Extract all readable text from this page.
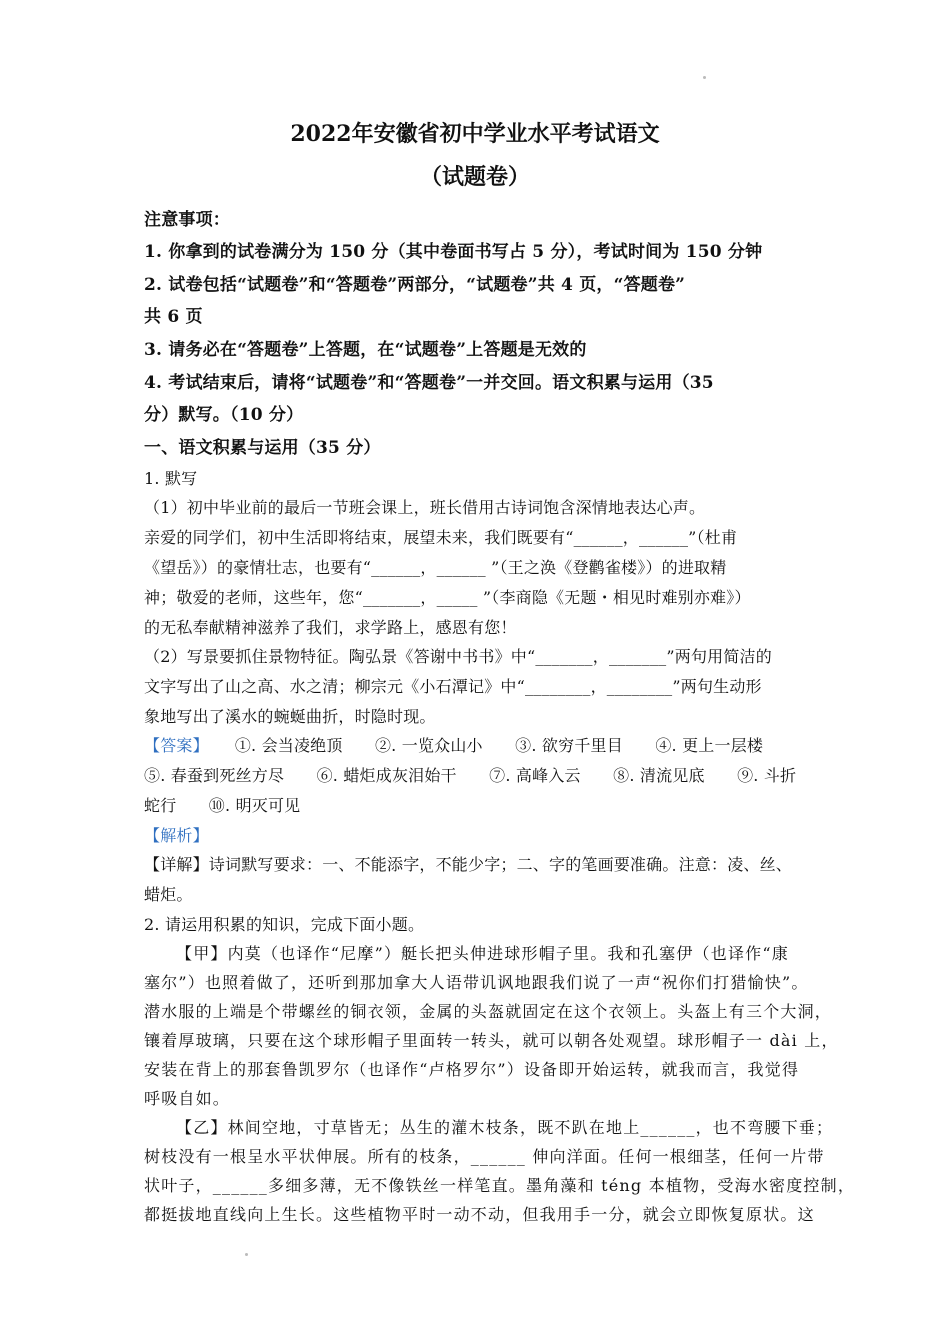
2022年安徽省初中学业水平考试语文
（试题卷）
注意事项：
1. 你拿到的试卷满分为 150 分（其中卷面书写占 5 分），考试时间为 150 分钟
2. 试卷包括“试题卷”和“答题卷”两部分，“试题卷”共 4 页，“答题卷”
共 6 页
3. 请务必在“答题卷”上答题，在“试题卷”上答题是无效的
4. 考试结束后，请将“试题卷”和“答题卷”一并交回。语文积累与运用（35
分）默写。（10 分）
一、语文积累与运用（35 分）
1. 默写
（1）初中毕业前的最后一节班会课上，班长借用古诗词饱含深情地表达心声。
亲爱的同学们，初中生活即将结束，展望未来，我们既要有“______，______”（杜甫
《望岳》）的豪情壮志，也要有“______，______ ”（王之涣《登鹳雀楼》）的进取精
神；敬爱的老师，这些年，您“_______，_____ ”（李商隐《无题・相见时难别亦难》）
的无私奉献精神滋养了我们，求学路上，感恩有您！
（2）写景要抓住景物特征。陶弘景《答谢中书书》中“_______，_______”两句用简洁的
文字写出了山之高、水之清；柳宗元《小石潭记》中“________，________”两句生动形
象地写出了溪水的蜿蜒曲折，时隐时现。
【答案】 ①. 会当凌绝顶　　②. 一览众山小　　③. 欲穷千里目　　④. 更上一层楼
⑤. 春蚕到死丝方尽　　⑥. 蜡炬成灰泪始干　　⑦. 高峰入云　　⑧. 清流见底　　⑨. 斗折
蛇行　　⑩. 明灭可见
【解析】
【详解】诗词默写要求：一、不能添字，不能少字；二、字的笔画要准确。注意：凌、丝、
蜡炬。
2. 请运用积累的知识，完成下面小题。
【甲】内莫（也译作“尼摩”）艇长把头伸进球形帽子里。我和孔塞伊（也译作“康
塞尔”）也照着做了，还听到那加拿大人语带讥讽地跟我们说了一声“祝你们打猎愉快”。
潜水服的上端是个带螺丝的铜衣领，金属的头盔就固定在这个衣领上。头盔上有三个大洞，
镶着厚玻璃，只要在这个球形帽子里面转一转头，就可以朝各处观望。球形帽子一 dài 上，
安装在背上的那套鲁凯罗尔（也译作“卢格罗尔”）设备即开始运转，就我而言，我觉得
呼吸自如。
【乙】林间空地，寸草皆无；丛生的灌木枝条，既不趴在地上______，也不弯腰下垂；
树枝没有一根呈水平状伸展。所有的枝条，______ 伸向洋面。任何一根细茎，任何一片带
状叶子，______多细多薄，无不像铁丝一样笔直。墨角藻和 téng 本植物，受海水密度控制，
都挺拔地直线向上生长。这些植物平时一动不动，但我用手一分，就会立即恢复原状。这
